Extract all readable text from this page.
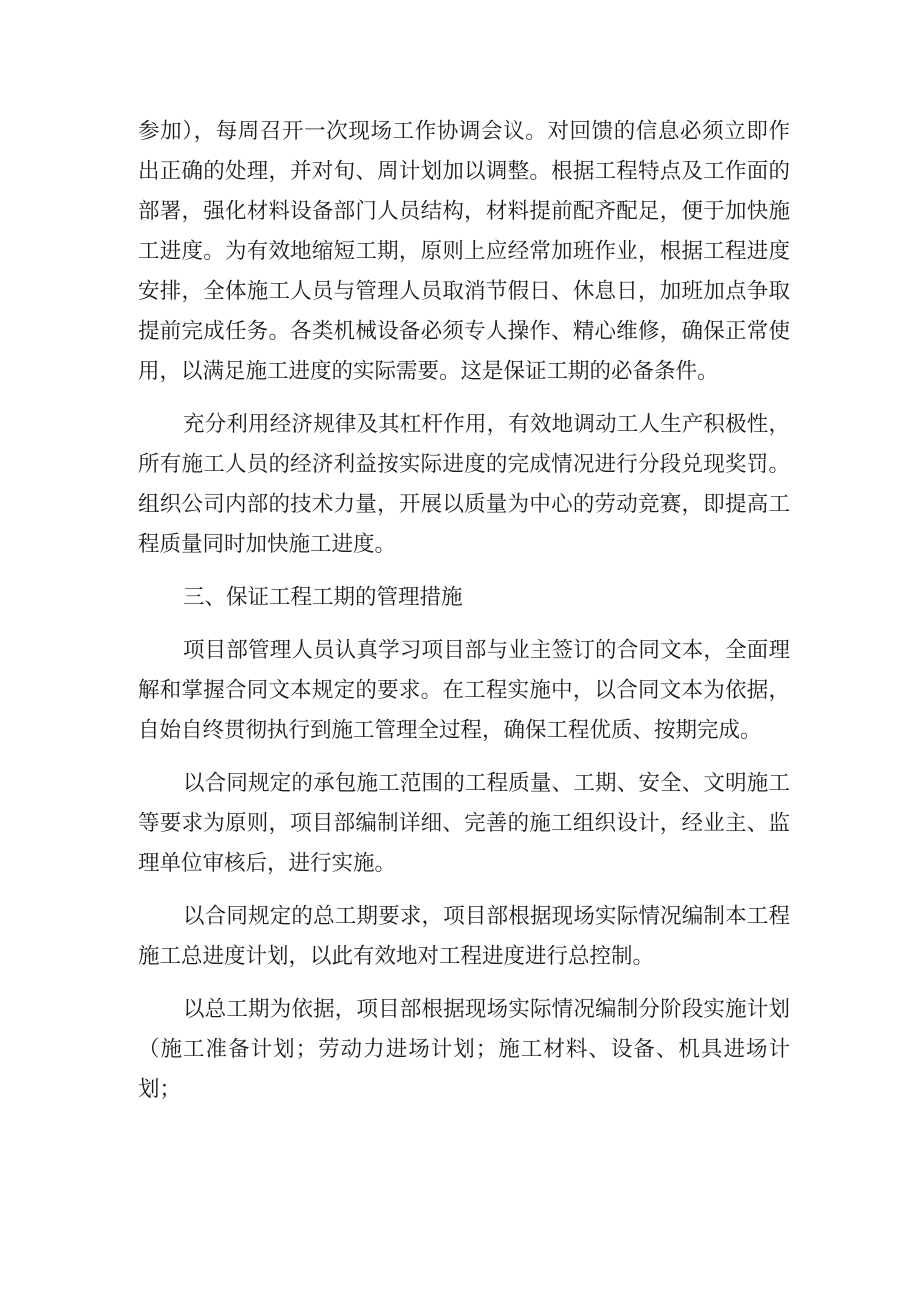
参加），每周召开一次现场工作协调会议。对回馈的信息必须立即作出正确的处理，并对旬、周计划加以调整。根据工程特点及工作面的部署，强化材料设备部门人员结构，材料提前配齐配足，便于加快施工进度。为有效地缩短工期，原则上应经常加班作业，根据工程进度安排，全体施工人员与管理人员取消节假日、休息日，加班加点争取提前完成任务。各类机械设备必须专人操作、精心维修，确保正常使用，以满足施工进度的实际需要。这是保证工期的必备条件。

充分利用经济规律及其杠杆作用，有效地调动工人生产积极性，所有施工人员的经济利益按实际进度的完成情况进行分段兑现奖罚。组织公司内部的技术力量，开展以质量为中心的劳动竞赛，即提高工程质量同时加快施工进度。

三、保证工程工期的管理措施

项目部管理人员认真学习项目部与业主签订的合同文本，全面理解和掌握合同文本规定的要求。在工程实施中，以合同文本为依据，自始自终贯彻执行到施工管理全过程，确保工程优质、按期完成。

以合同规定的承包施工范围的工程质量、工期、安全、文明施工等要求为原则，项目部编制详细、完善的施工组织设计，经业主、监理单位审核后，进行实施。

以合同规定的总工期要求，项目部根据现场实际情况编制本工程施工总进度计划，以此有效地对工程进度进行总控制。

以总工期为依据，项目部根据现场实际情况编制分阶段实施计划（施工准备计划；劳动力进场计划；施工材料、设备、机具进场计划；
